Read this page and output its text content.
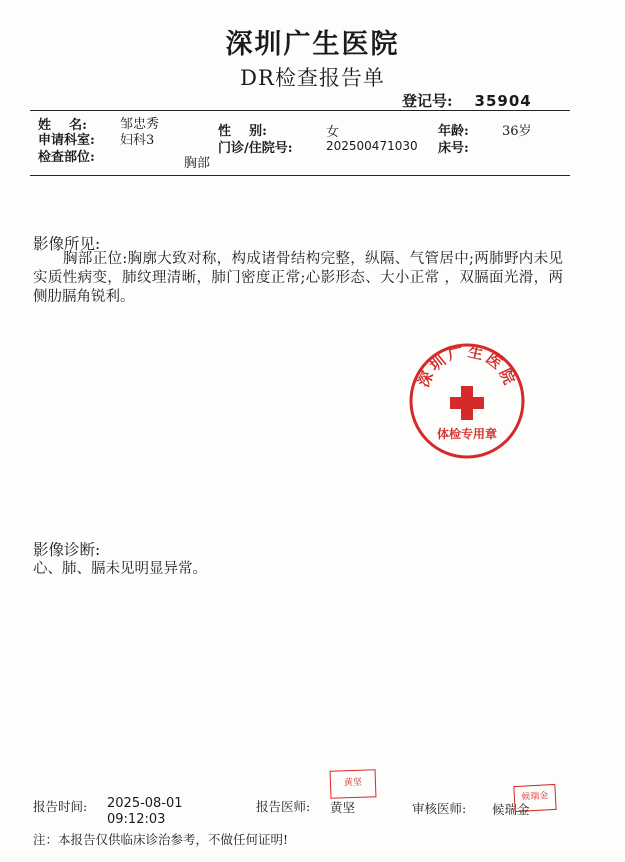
深圳广生医院
DR检查报告单
登记号: 35904
姓    名:	邹忠秀	性    别:	女	年龄:	36岁
申请科室: 妇科3
门诊/住院号:	202500471030 床号:
检查部位:	胸部
影像所见:
胸部正位:胸廓大致对称，构成诸骨结构完整，纵隔、气管居中;两肺野内未见实质性病变，肺纹理清晰，肺门密度正常;心影形态、大小正常 ，双膈面光滑，两侧肋膈角锐利。
深圳广生医院
体检专用章
影像诊断:
心、肺、膈未见明显异常。
报告时间: 2025-08-01
09:12:03
报告医师: 黄坚
黄坚
审核医师: 候瑞金
候瑞金
注：本报告仅供临床诊治参考，不做任何证明!
